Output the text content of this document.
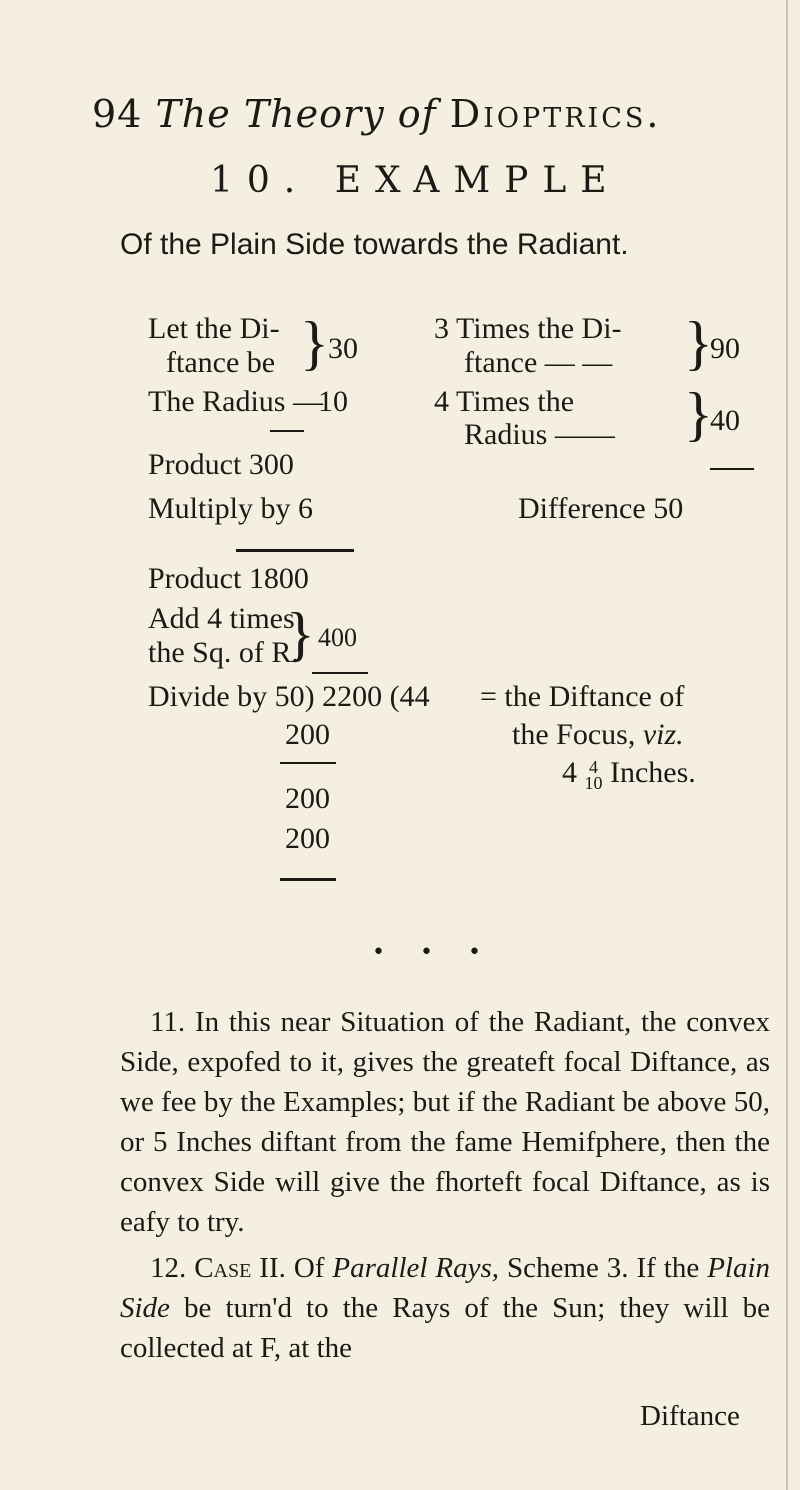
94 The Theory of Dioptrics.
10. EXAMPLE
Of the Plain Side towards the Radiant.
Let the Di-
ftance be } 30
The Radius —
10
Product 300
Multiply by 6
Product 1800
Add 4 times
the Sq. of R.
} 400
Divide by 50) 2200 (44
200
200
200
• • •
3 Times the Di-
ftance — — }
90
4 Times the
Radius —— }
40
Difference 50
= the Diftance of
the Focus, viz.
4 4
10 Inches.

11. In this near Situation of the Radiant, the convex Side, expofed to it, gives the greateft focal Diftance, as we fee by the Examples; but if the Radiant be above 50, or 5 Inches diftant from the fame Hemifphere, then the convex Side will give the fhorteft focal Diftance, as is eafy to try.

12. Case II. Of Parallel Rays, Scheme 3. If the Plain Side be turn'd to the Rays of the Sun; they will be collected at F, at the

Diftance
